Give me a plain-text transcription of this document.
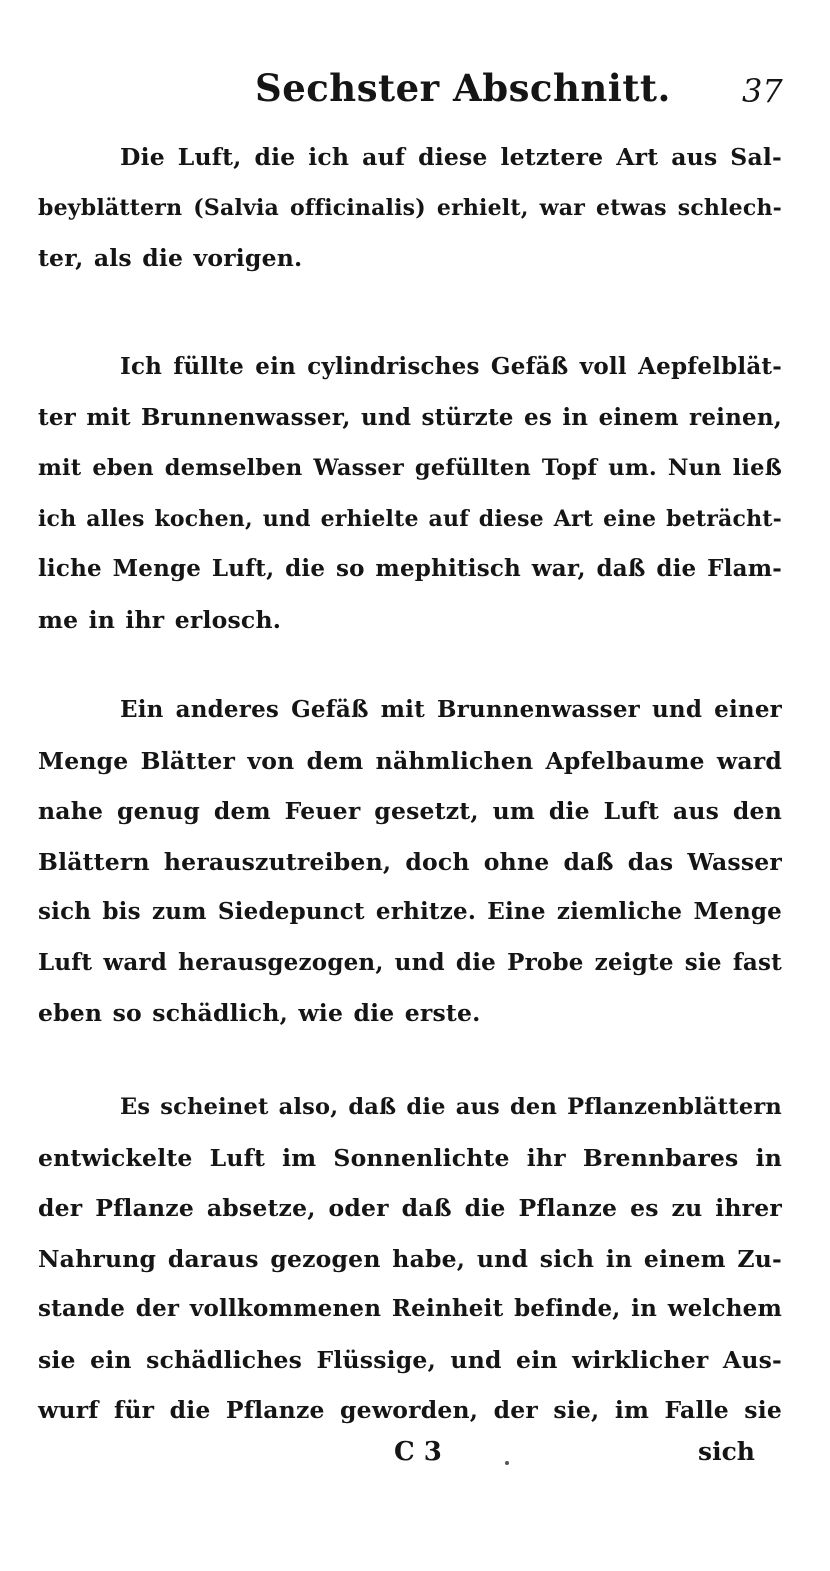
Sechster Abschnitt. 37
Die Luft, die ich auf diese letztere Art aus Sal-
beyblättern (Salvia officinalis) erhielt, war etwas schlech-
ter, als die vorigen.
Ich füllte ein cylindrisches Gefäß voll Aepfelblät-
ter mit Brunnenwasser, und stürzte es in einem reinen,
mit eben demselben Wasser gefüllten Topf um. Nun ließ
ich alles kochen, und erhielte auf diese Art eine beträcht-
liche Menge Luft, die so mephitisch war, daß die Flam-
me in ihr erlosch.
Ein anderes Gefäß mit Brunnenwasser und einer
Menge Blätter von dem nähmlichen Apfelbaume ward
nahe genug dem Feuer gesetzt, um die Luft aus den
Blättern herauszutreiben, doch ohne daß das Wasser
sich bis zum Siedepunct erhitze. Eine ziemliche Menge
Luft ward herausgezogen, und die Probe zeigte sie fast
eben so schädlich, wie die erste.
Es scheinet also, daß die aus den Pflanzenblättern
entwickelte Luft im Sonnenlichte ihr Brennbares in
der Pflanze absetze, oder daß die Pflanze es zu ihrer
Nahrung daraus gezogen habe, und sich in einem Zu-
stande der vollkommenen Reinheit befinde, in welchem
sie ein schädliches Flüssige, und ein wirklicher Aus-
wurf für die Pflanze geworden, der sie, im Falle sie
C 3	sich
